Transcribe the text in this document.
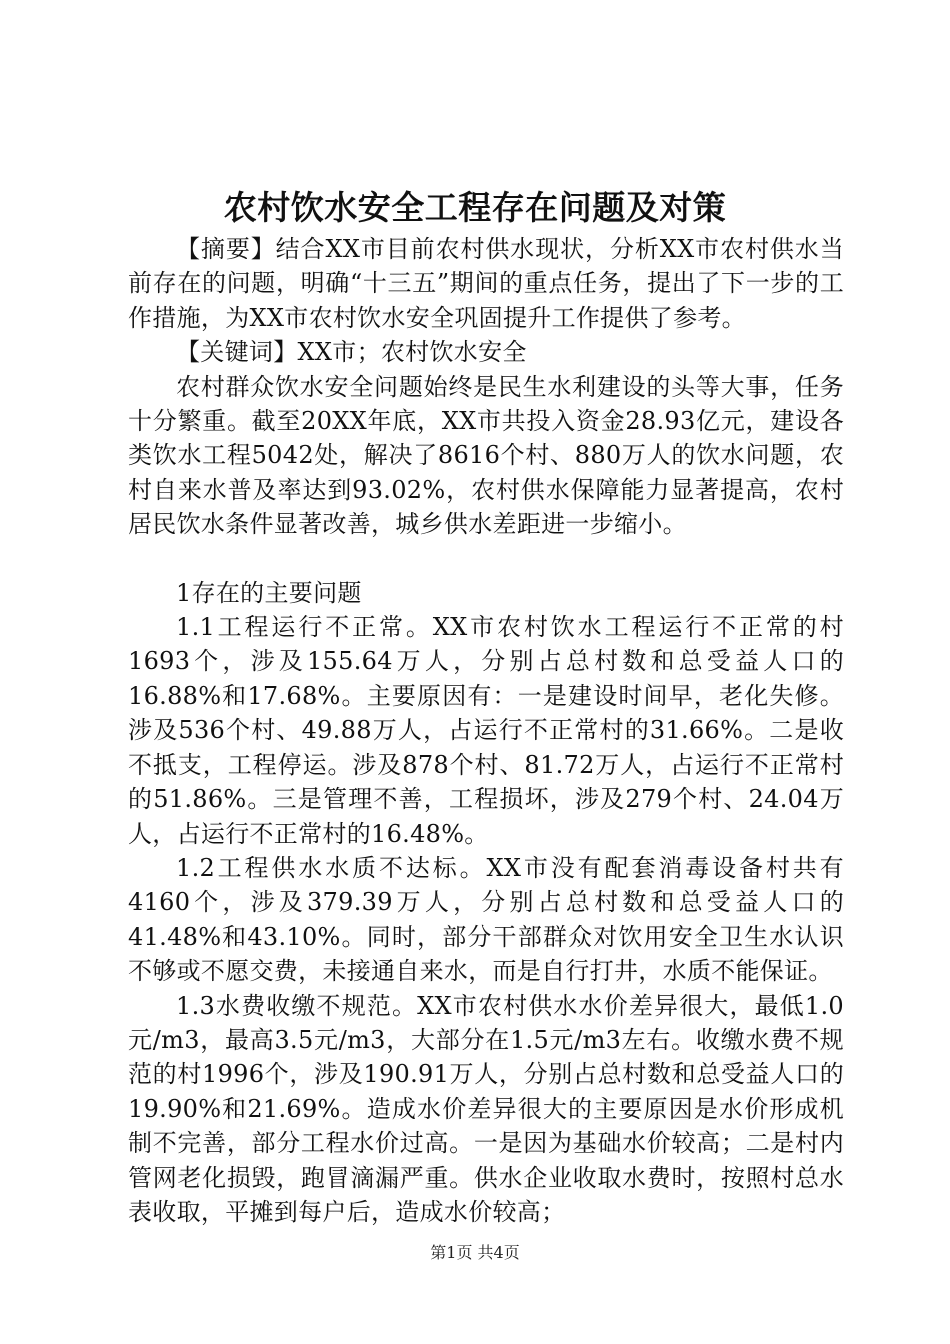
农村饮水安全工程存在问题及对策

【摘要】结合XX市目前农村供水现状，分析XX市农村供水当前存在的问题，明确“十三五”期间的重点任务，提出了下一步的工作措施，为XX市农村饮水安全巩固提升工作提供了参考。

【关键词】XX市；农村饮水安全

农村群众饮水安全问题始终是民生水利建设的头等大事，任务十分繁重。截至20XX年底，XX市共投入资金28.93亿元，建设各类饮水工程5042处，解决了8616个村、880万人的饮水问题，农村自来水普及率达到93.02%，农村供水保障能力显著提高，农村居民饮水条件显著改善，城乡供水差距进一步缩小。

1存在的主要问题

1.1工程运行不正常。XX市农村饮水工程运行不正常的村1693个，涉及155.64万人，分别占总村数和总受益人口的16.88%和17.68%。主要原因有：一是建设时间早，老化失修。涉及536个村、49.88万人，占运行不正常村的31.66%。二是收不抵支，工程停运。涉及878个村、81.72万人，占运行不正常村的51.86%。三是管理不善，工程损坏，涉及279个村、24.04万人，占运行不正常村的16.48%。

1.2工程供水水质不达标。XX市没有配套消毒设备村共有4160个，涉及379.39万人，分别占总村数和总受益人口的41.48%和43.10%。同时，部分干部群众对饮用安全卫生水认识不够或不愿交费，未接通自来水，而是自行打井，水质不能保证。

1.3水费收缴不规范。XX市农村供水水价差异很大，最低1.0元/m3，最高3.5元/m3，大部分在1.5元/m3左右。收缴水费不规范的村1996个，涉及190.91万人，分别占总村数和总受益人口的19.90%和21.69%。造成水价差异很大的主要原因是水价形成机制不完善，部分工程水价过高。一是因为基础水价较高；二是村内管网老化损毁，跑冒滴漏严重。供水企业收取水费时，按照村总水表收取，平摊到每户后，造成水价较高；

第1页 共4页
